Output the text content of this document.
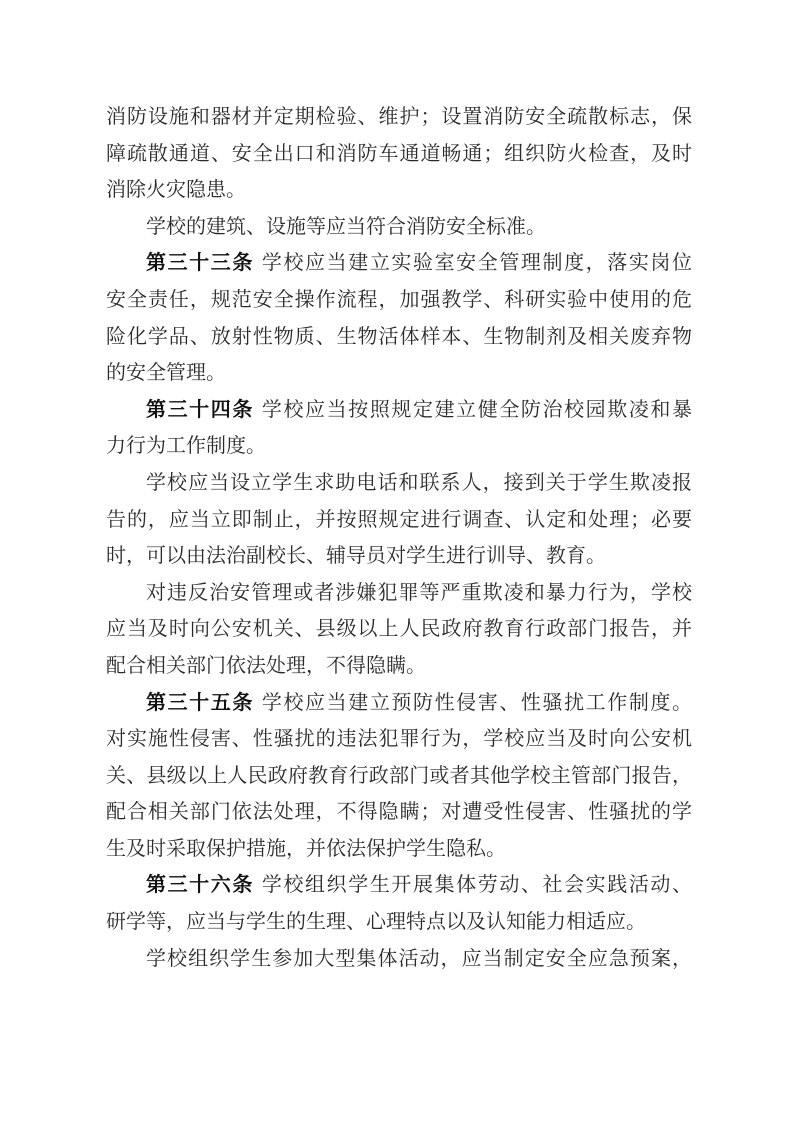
消防设施和器材并定期检验、维护；设置消防安全疏散标志，保
障疏散通道、安全出口和消防车通道畅通；组织防火检查，及时
消除火灾隐患。
学校的建筑、设施等应当符合消防安全标准。
第三十三条 学校应当建立实验室安全管理制度，落实岗位
安全责任，规范安全操作流程，加强教学、科研实验中使用的危
险化学品、放射性物质、生物活体样本、生物制剂及相关废弃物
的安全管理。
第三十四条 学校应当按照规定建立健全防治校园欺凌和暴
力行为工作制度。
学校应当设立学生求助电话和联系人，接到关于学生欺凌报
告的，应当立即制止，并按照规定进行调查、认定和处理；必要
时，可以由法治副校长、辅导员对学生进行训导、教育。
对违反治安管理或者涉嫌犯罪等严重欺凌和暴力行为，学校
应当及时向公安机关、县级以上人民政府教育行政部门报告，并
配合相关部门依法处理，不得隐瞒。
第三十五条 学校应当建立预防性侵害、性骚扰工作制度。
对实施性侵害、性骚扰的违法犯罪行为，学校应当及时向公安机
关、县级以上人民政府教育行政部门或者其他学校主管部门报告，
配合相关部门依法处理，不得隐瞒；对遭受性侵害、性骚扰的学
生及时采取保护措施，并依法保护学生隐私。
第三十六条 学校组织学生开展集体劳动、社会实践活动、
研学等，应当与学生的生理、心理特点以及认知能力相适应。
学校组织学生参加大型集体活动，应当制定安全应急预案，
